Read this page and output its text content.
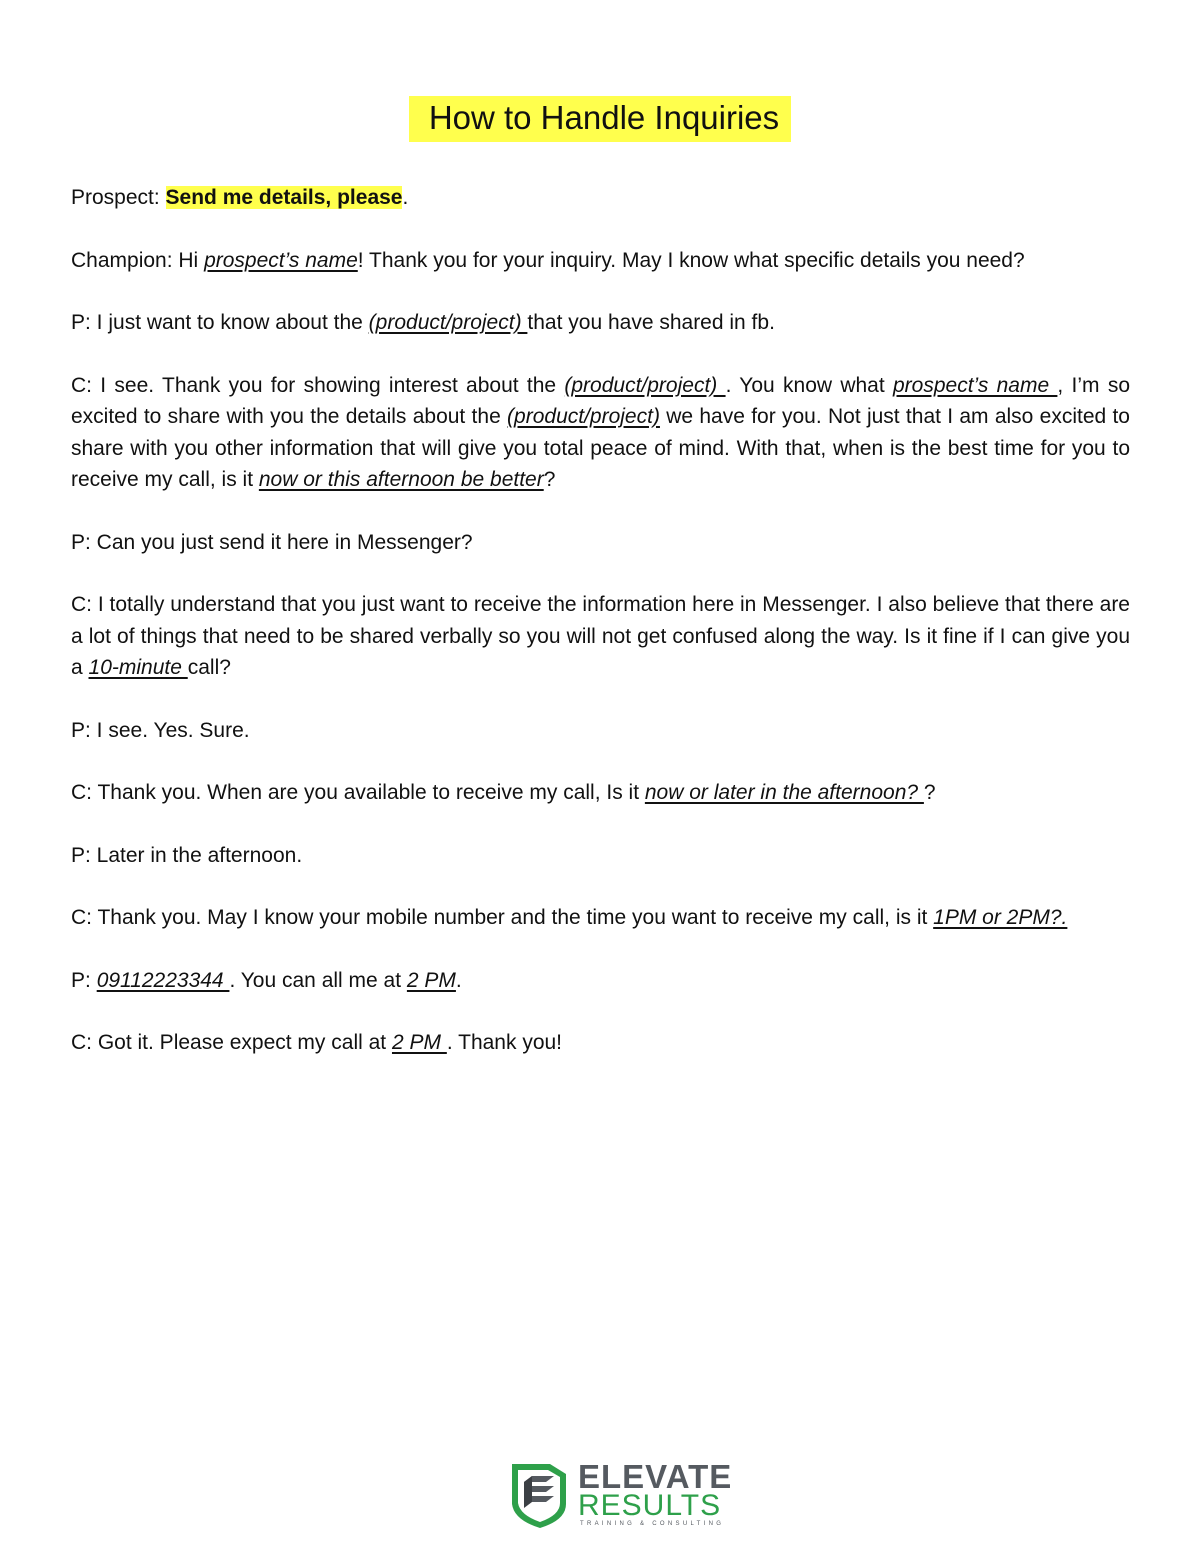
How to Handle Inquiries

Prospect: Send me details, please.

Champion: Hi prospect’s name! Thank you for your inquiry. May I know what specific details you need?

P: I just want to know about the (product/project) that you have shared in fb.

C: I see. Thank you for showing interest about the (product/project) . You know what prospect’s name , I’m so excited to share with you the details about the (product/project) we have for you. Not just that I am also excited to share with you other information that will give you total peace of mind. With that, when is the best time for you to receive my call, is it now or this afternoon be better?

P: Can you just send it here in Messenger?

C: I totally understand that you just want to receive the information here in Messenger. I also believe that there are a lot of things that need to be shared verbally so you will not get confused along the way. Is it fine if I can give you a 10-minute call?

P: I see. Yes. Sure.

C: Thank you. When are you available to receive my call, Is it now or later in the afternoon? ?

P: Later in the afternoon.

C: Thank you. May I know your mobile number and the time you want to receive my call, is it 1PM or 2PM?.

P: 09112223344 . You can all me at 2 PM.

C: Got it. Please expect my call at 2 PM . Thank you!

ELEVATE
RESULTS
TRAINING & CONSULTING
